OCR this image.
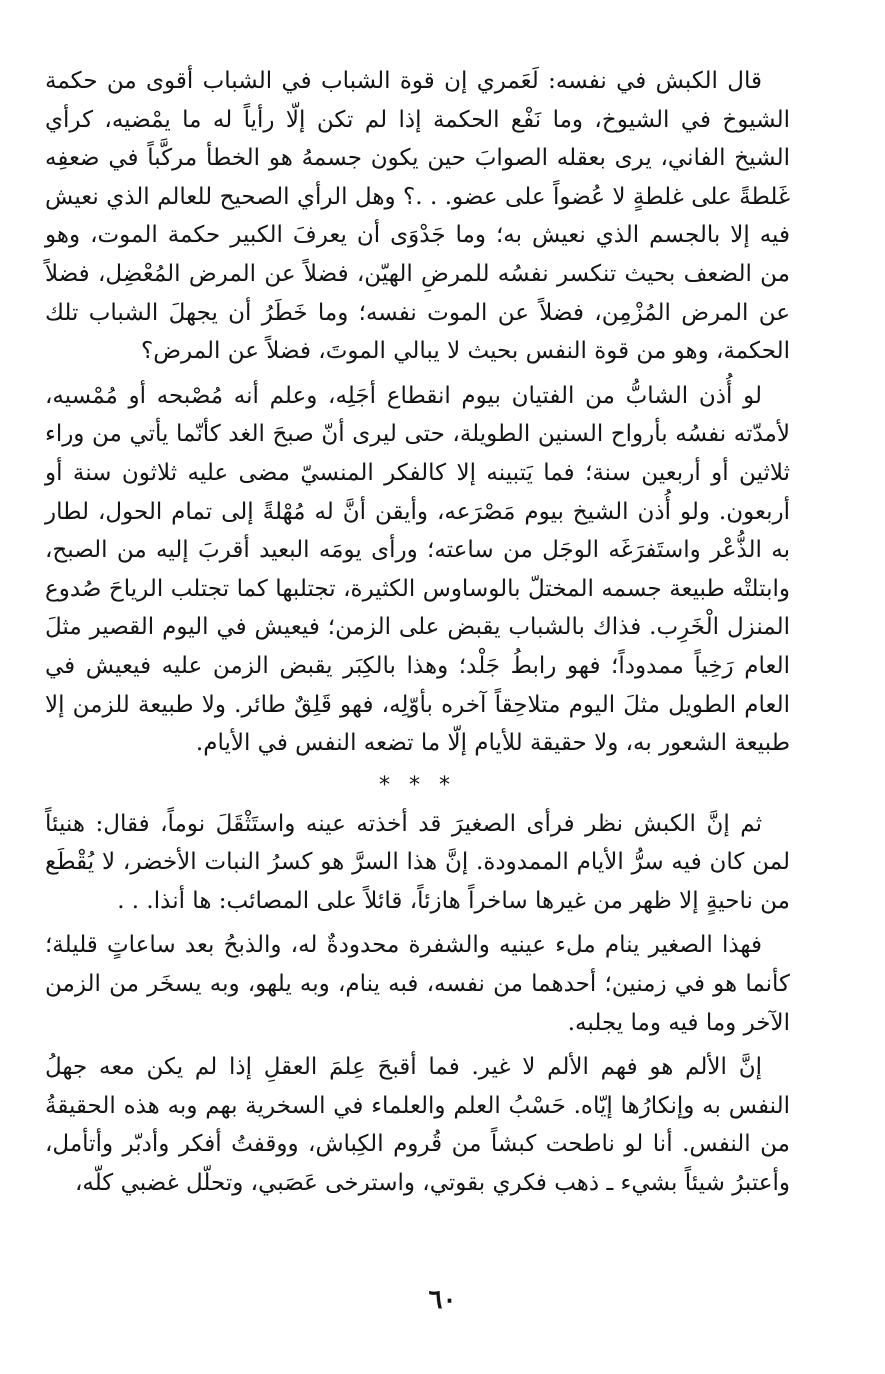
قال الكبش في نفسه: لَعَمري إن قوة الشباب في الشباب أقوى من حكمة الشيوخ في الشيوخ، وما نَفْع الحكمة إذا لم تكن إلّا رأياً له ما يمْضيه، كرأي الشيخ الفاني، يرى بعقله الصوابَ حين يكون جسمهُ هو الخطأ مركَّباً في ضعفِه غَلطةً على غلطةٍ لا عُضواً على عضو. . .؟ وهل الرأي الصحيح للعالم الذي نعيش فيه إلا بالجسم الذي نعيش به؛ وما جَدْوَى أن يعرفَ الكبير حكمة الموت، وهو من الضعف بحيث تنكسر نفسُه للمرضِ الهيّن، فضلاً عن المرض المُعْضِل، فضلاً عن المرض المُزْمِن، فضلاً عن الموت نفسه؛ وما خَطَرُ أن يجهلَ الشباب تلك الحكمة، وهو من قوة النفس بحيث لا يبالي الموتَ، فضلاً عن المرض؟

لو أُذن الشابُّ من الفتيان بيوم انقطاع أجَلِه، وعلم أنه مُصْبحه أو مُمْسيه، لأمدّته نفسُه بأرواح السنين الطويلة، حتى ليرى أنّ صبحَ الغد كأنّما يأتي من وراء ثلاثين أو أربعين سنة؛ فما يَتبينه إلا كالفكر المنسيّ مضى عليه ثلاثون سنة أو أربعون. ولو أُذن الشيخ بيوم مَصْرَعه، وأيقن أنَّ له مُهْلةً إلى تمام الحول، لطار به الذُّعْر واستَفرَغَه الوجَل من ساعته؛ ورأى يومَه البعيد أقربَ إليه من الصبح، وابتلتْه طبيعة جسمه المختلّ بالوساوس الكثيرة، تجتلبها كما تجتلب الرياحَ صُدوع المنزل الْخَرِب. فذاك بالشباب يقبض على الزمن؛ فيعيش في اليوم القصير مثلَ العام رَخِياً ممدوداً؛ فهو رابطُ جَلْد؛ وهذا بالكِبَر يقبض الزمن عليه فيعيش في العام الطويل مثلَ اليوم متلاحِقاً آخره بأوّلِه، فهو قَلِقٌ طائر. ولا طبيعة للزمن إلا طبيعة الشعور به، ولا حقيقة للأيام إلّا ما تضعه النفس في الأيام.

* * *

ثم إنَّ الكبش نظر فرأى الصغيرَ قد أخذته عينه واستَثْقَلَ نوماً، فقال: هنيئاً لمن كان فيه سرُّ الأيام الممدودة. إنَّ هذا السرَّ هو كسرُ النبات الأخضر، لا يُقْطَع من ناحيةٍ إلا ظهر من غيرها ساخراً هازئاً، قائلاً على المصائب: ها أنذا. . .

فهذا الصغير ينام ملء عينيه والشفرة محدودةٌ له، والذبحُ بعد ساعاتٍ قليلة؛ كأنما هو في زمنين؛ أحدهما من نفسه، فبه ينام، وبه يلهو، وبه يسخَر من الزمن الآخر وما فيه وما يجلبه.

إنَّ الألم هو فهم الألم لا غير. فما أقبحَ عِلمَ العقلِ إذا لم يكن معه جهلُ النفس به وإنكارُها إيّاه. حَسْبُ العلم والعلماء في السخرية بهم وبه هذه الحقيقةُ من النفس. أنا لو ناطحت كبشاً من قُروم الكِباش، ووقفتُ أفكر وأدبّر وأتأمل، وأعتبرُ شيئاً بشيء ـ ذهب فكري بقوتي، واسترخى عَصَبي، وتحلّل غضبي كلّه،

٦٠
